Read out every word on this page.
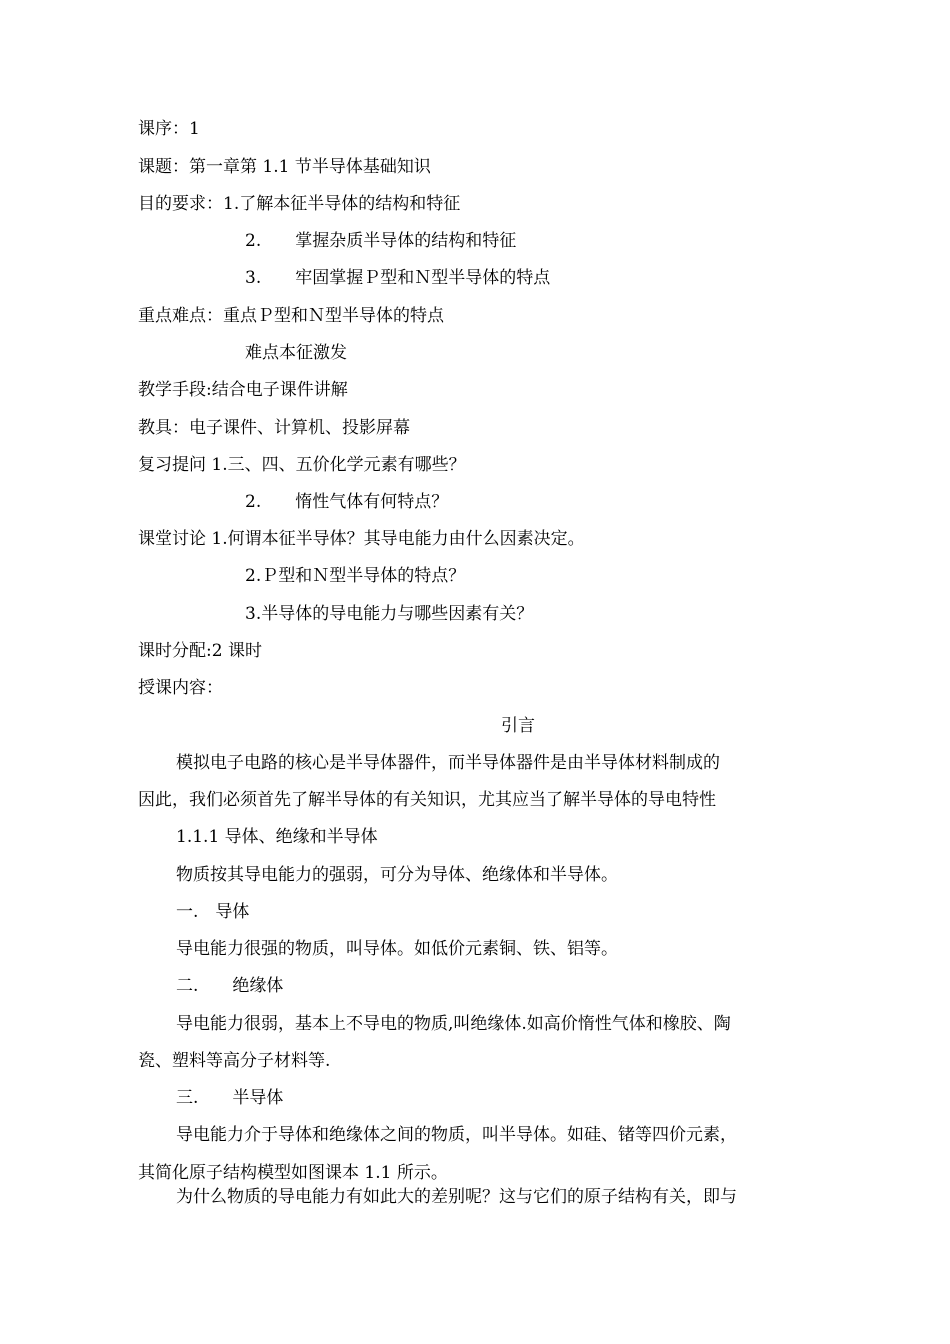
课序：1
课题：第一章第 1.1 节半导体基础知识
目的要求：1.了解本征半导体的结构和特征
2.　　掌握杂质半导体的结构和特征
3.　　牢固掌握Ｐ型和Ｎ型半导体的特点
重点难点：重点Ｐ型和Ｎ型半导体的特点
难点本征激发
教学手段:结合电子课件讲解
教具：电子课件、计算机、投影屏幕
复习提问 1.三、四、五价化学元素有哪些？
2.　　惰性气体有何特点？
课堂讨论 1.何谓本征半导体？其导电能力由什么因素决定。
2.Ｐ型和Ｎ型半导体的特点？
3.半导体的导电能力与哪些因素有关？
课时分配:2 课时
授课内容：
引言
模拟电子电路的核心是半导体器件，而半导体器件是由半导体材料制成的
因此，我们必须首先了解半导体的有关知识，尤其应当了解半导体的导电特性
1.1.1 导体、绝缘和半导体
物质按其导电能力的强弱，可分为导体、绝缘体和半导体。
一.　导体
导电能力很强的物质，叫导体。如低价元素铜、铁、铝等。
二.　　绝缘体
导电能力很弱，基本上不导电的物质,叫绝缘体.如高价惰性气体和橡胶、陶
瓷、塑料等高分子材料等.
三.　　半导体
导电能力介于导体和绝缘体之间的物质，叫半导体。如硅、锗等四价元素，
其简化原子结构模型如图课本 1.1 所示。
为什么物质的导电能力有如此大的差别呢？这与它们的原子结构有关，即与
